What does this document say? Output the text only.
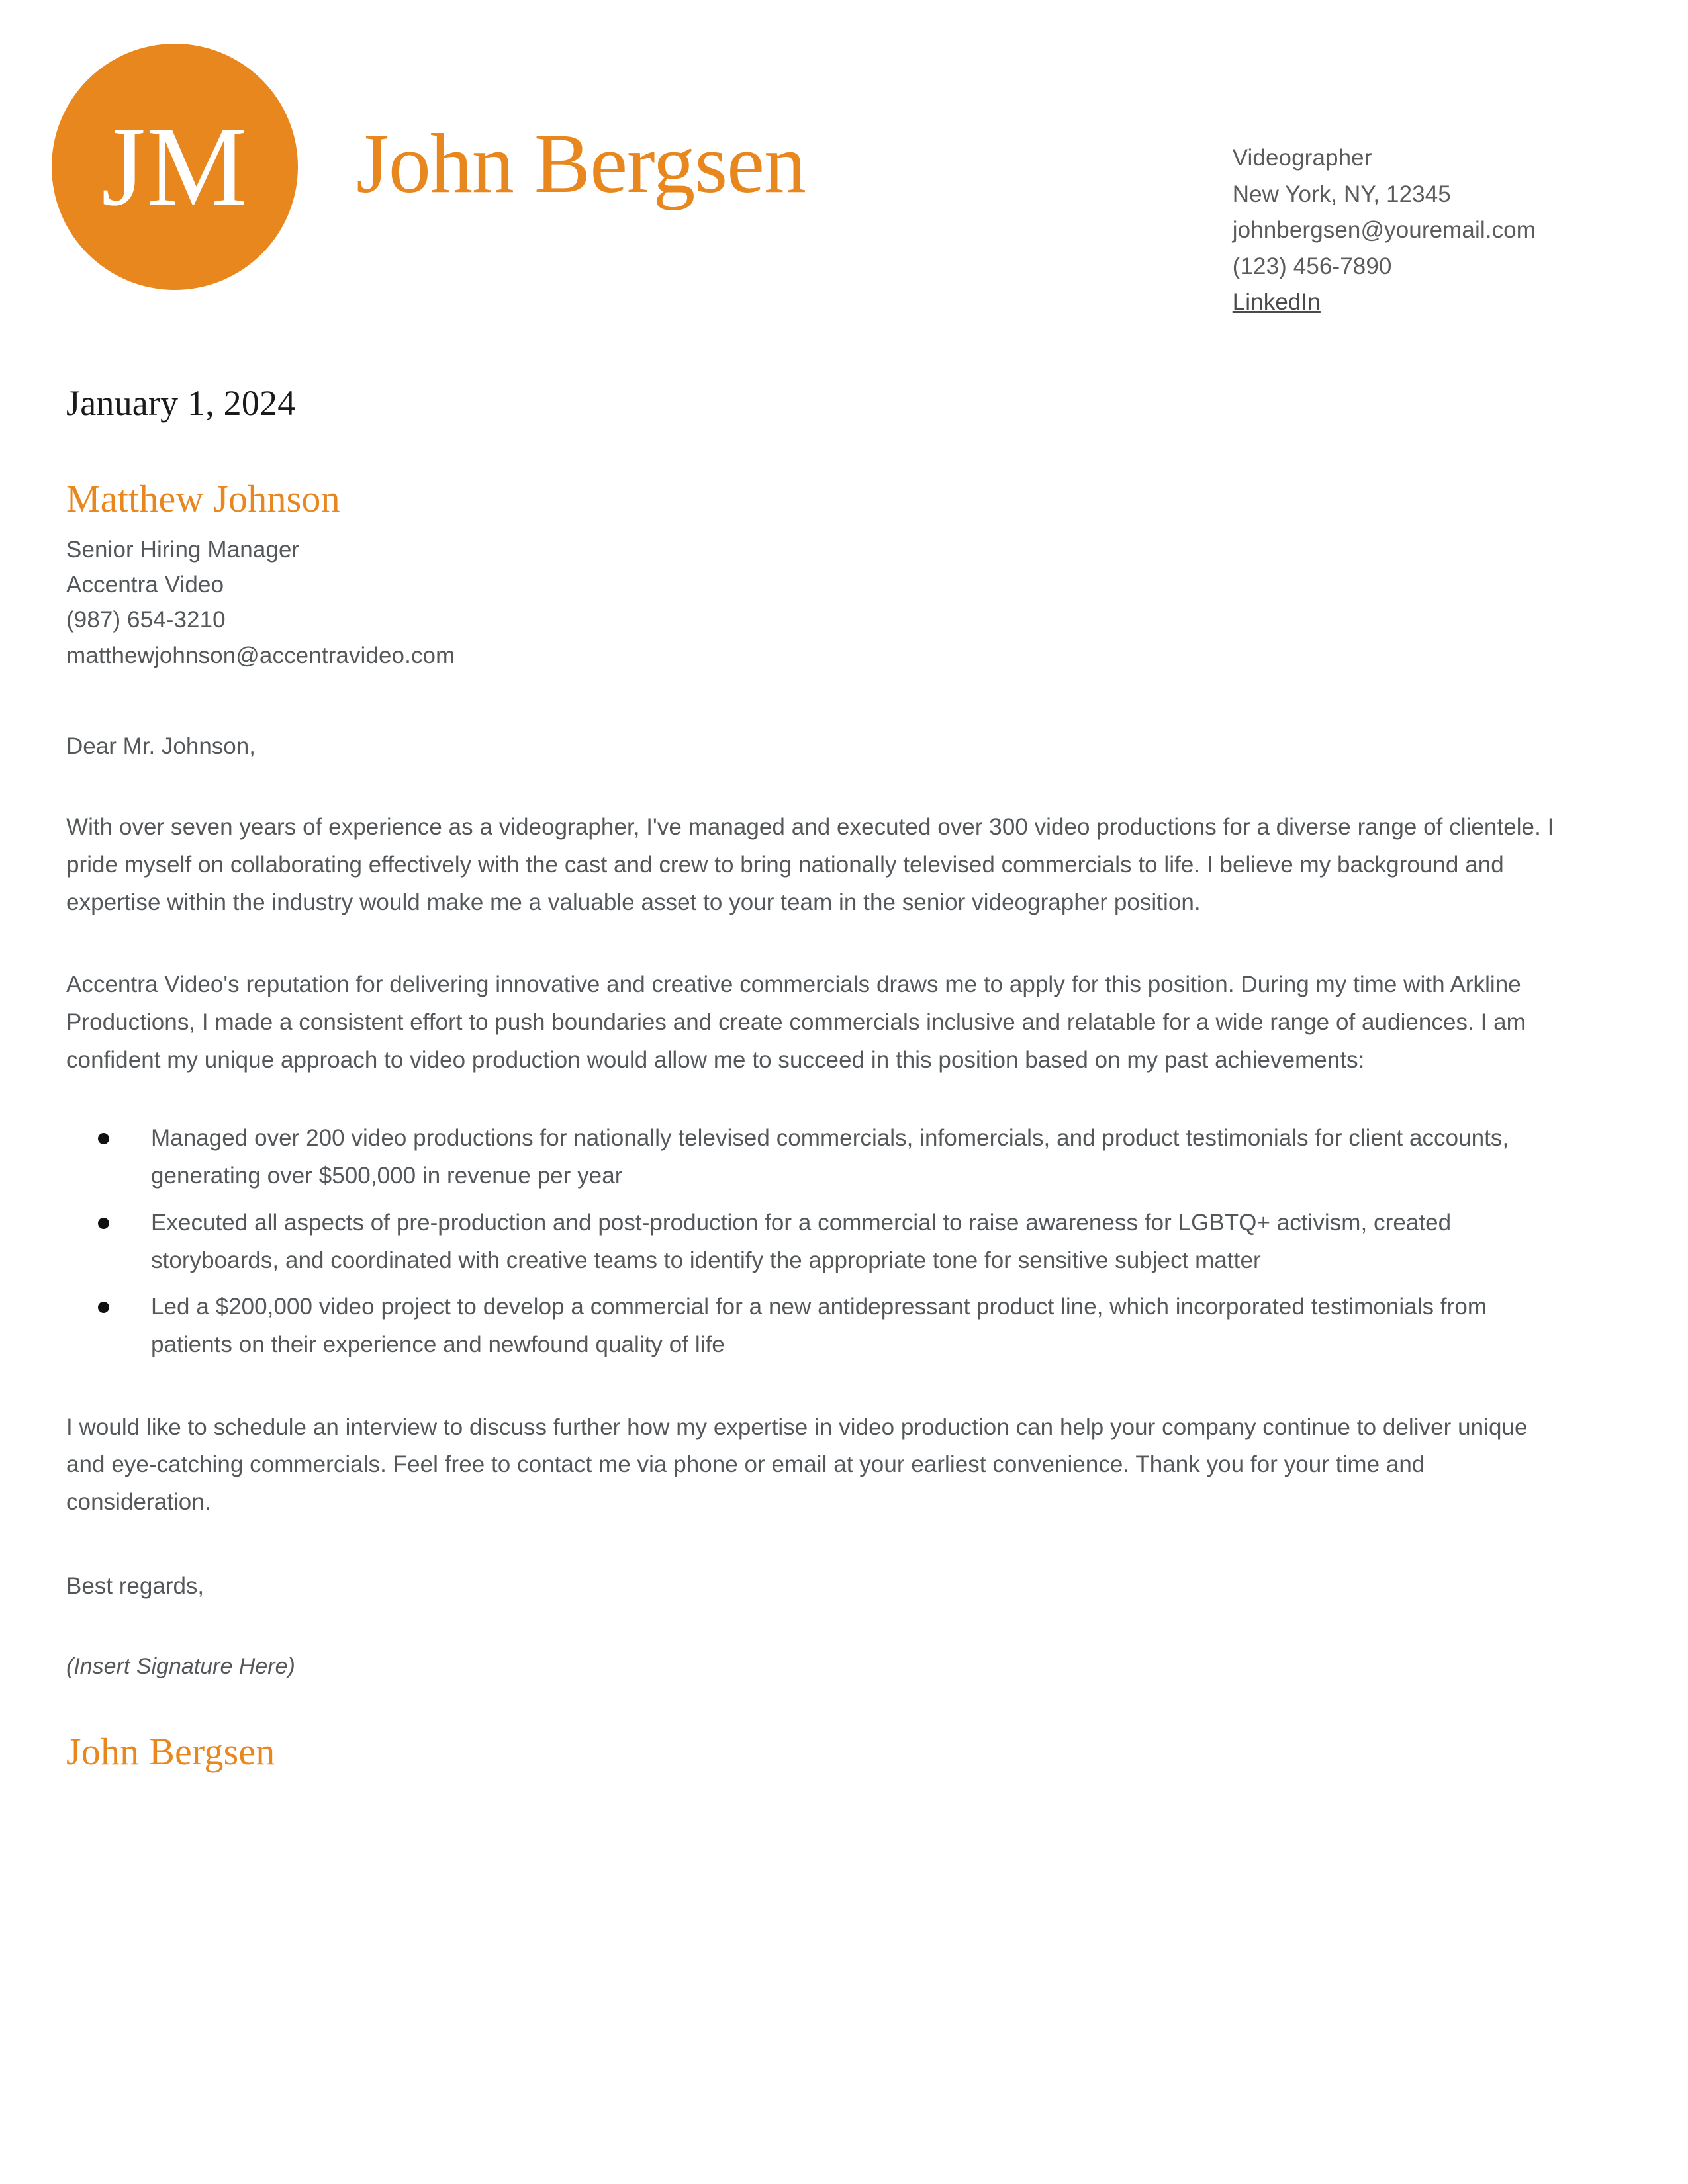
JM John Bergsen	Videographer
New York, NY, 12345
johnbergsen@youremail.com
(123) 456-7890
LinkedIn
January 1, 2024
Matthew Johnson
Senior Hiring Manager
Accentra Video
(987) 654-3210
matthewjohnson@accentravideo.com
Dear Mr. Johnson,

With over seven years of experience as a videographer, I've managed and executed over 300 video productions for a diverse range of clientele. I pride myself on collaborating effectively with the cast and crew to bring nationally televised commercials to life. I believe my background and expertise within the industry would make me a valuable asset to your team in the senior videographer position.

Accentra Video's reputation for delivering innovative and creative commercials draws me to apply for this position. During my time with Arkline Productions, I made a consistent effort to push boundaries and create commercials inclusive and relatable for a wide range of audiences. I am confident my unique approach to video production would allow me to succeed in this position based on my past achievements:

Managed over 200 video productions for nationally televised commercials, infomercials, and product testimonials for client accounts, generating over $500,000 in revenue per year
Executed all aspects of pre-production and post-production for a commercial to raise awareness for LGBTQ+ activism, created storyboards, and coordinated with creative teams to identify the appropriate tone for sensitive subject matter
Led a $200,000 video project to develop a commercial for a new antidepressant product line, which incorporated testimonials from patients on their experience and newfound quality of life

I would like to schedule an interview to discuss further how my expertise in video production can help your company continue to deliver unique and eye-catching commercials. Feel free to contact me via phone or email at your earliest convenience. Thank you for your time and consideration.

Best regards,
(Insert Signature Here)
John Bergsen
